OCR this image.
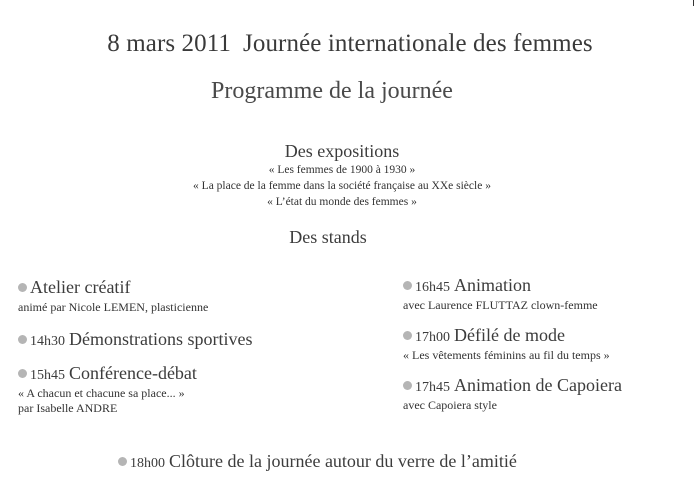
8 mars 2011 Journée internationale des femmes
Programme de la journée
Des expositions
« Les femmes de 1900 à 1930 »
« La place de la femme dans la société française au XXe siècle »
« L’état du monde des femmes »
Des stands
Atelier créatif
animé par Nicole LEMEN, plasticienne
14h30 Démonstrations sportives
15h45 Conférence-débat
« A chacun et chacune sa place... »
par Isabelle ANDRE
16h45 Animation
avec Laurence FLUTTAZ clown-femme
17h00 Défilé de mode
« Les vêtements féminins au fil du temps »
17h45 Animation de Capoiera
avec Capoiera style
18h00 Clôture de la journée autour du verre de l’amitié
